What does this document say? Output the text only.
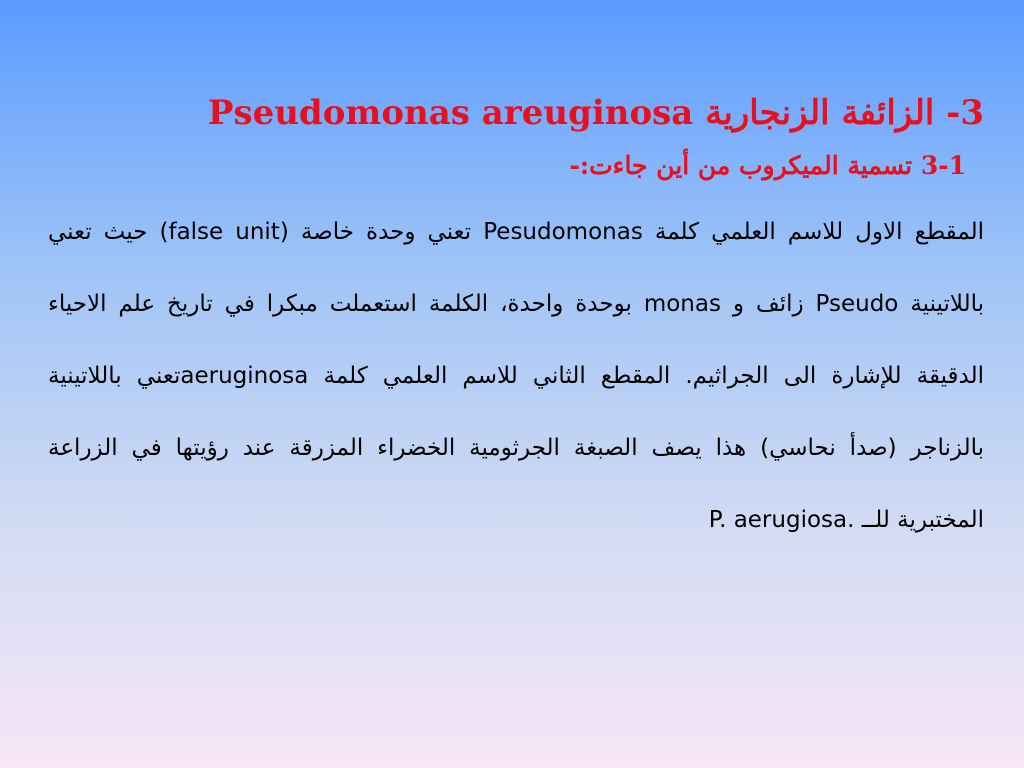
3- الزائفة الزنجارية Pseudomonas areuginosa
3-1 تسمية الميكروب من أين جاءت:-

المقطع الاول للاسم العلمي كلمة Pesudomonas تعني وحدة خاصة (false unit) حيث تعني باللاتينية Pseudo زائف و monas بوحدة واحدة، الكلمة استعملت مبكرا في تاريخ علم الاحياء الدقيقة للإشارة الى الجراثيم. المقطع الثاني للاسم العلمي كلمة aeruginosaتعني باللاتينية بالزناجر (صدأ نحاسي) هذا يصف الصبغة الجرثومية الخضراء المزرقة عند رؤيتها في الزراعة المختبرية للــ P. aerugiosa.
